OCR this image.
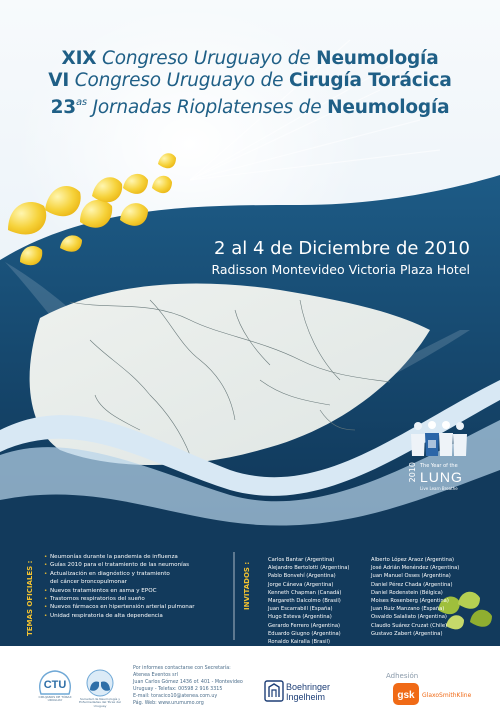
XIX Congreso Uruguayo de Neumología
VI Congreso Uruguayo de Cirugía Torácica
$23^{as}$ Jornadas Rioplatenses de Neumología
2 al 4 de Diciembre de 2010
Radisson Montevideo Victoria Plaza Hotel
2010 The Year of the
LUNG
Live Learn Breathe
TEMAS OFICIALES :
• Neumonías durante la pandemia de influenza
• Guías 2010 para el tratamiento de las neumonías
• Actualización en diagnóstico y tratamiento
del cáncer broncopulmonar
• Nuevos tratamientos en asma y EPOC
• Trastornos respiratorios del sueño
• Nuevos fármacos en hipertensión arterial pulmonar
• Unidad respiratoria de alta dependencia
INVITADOS :
Carlos Bantar (Argentina)
Alejandro Bertolotti (Argentina)
Pablo Bonvehí (Argentina)
Jorge Cáneva (Argentina)
Kenneth Chapman (Canadá)
Margareth Dalcolmo (Brasil)
Juan Escarrabill (España)
Hugo Esteva (Argentina)
Gerardo Ferrero (Argentina)
Eduardo Giugno (Argentina)
Ronaldo Kairalla (Brasil)
Alberto López Araoz (Argentina)
José Adrián Menéndez (Argentina)
Juan Manuel Osses (Argentina)
Daniel Pérez Chada (Argentina)
Daniel Rodenstein (Bélgica)
Moises Rosenberg (Argentina)
Juan Ruiz Manzano (España)
Osvaldo Salaliato (Argentina)
Claudio Suárez Cruzat (Chile)
Gustavo Zabert (Argentina)
CTU
CIRUJANOS DE TÓRAX URUGUAY	Sociedad de Neumología y Enfermedades del Tórax del Uruguay
Por informes contactarse con Secretaría:
Atenea Eventos srl
Juan Carlos Gómez 1436 of. 401 - Montevideo
Uruguay - Telefax: 00598 2 916 3315
E-mail: toracico10@atenea.com.uy
Pág. Web: www.urumumo.org
Boehringer
Ingelheim
Adhesión
gsk GlaxoSmithKline
